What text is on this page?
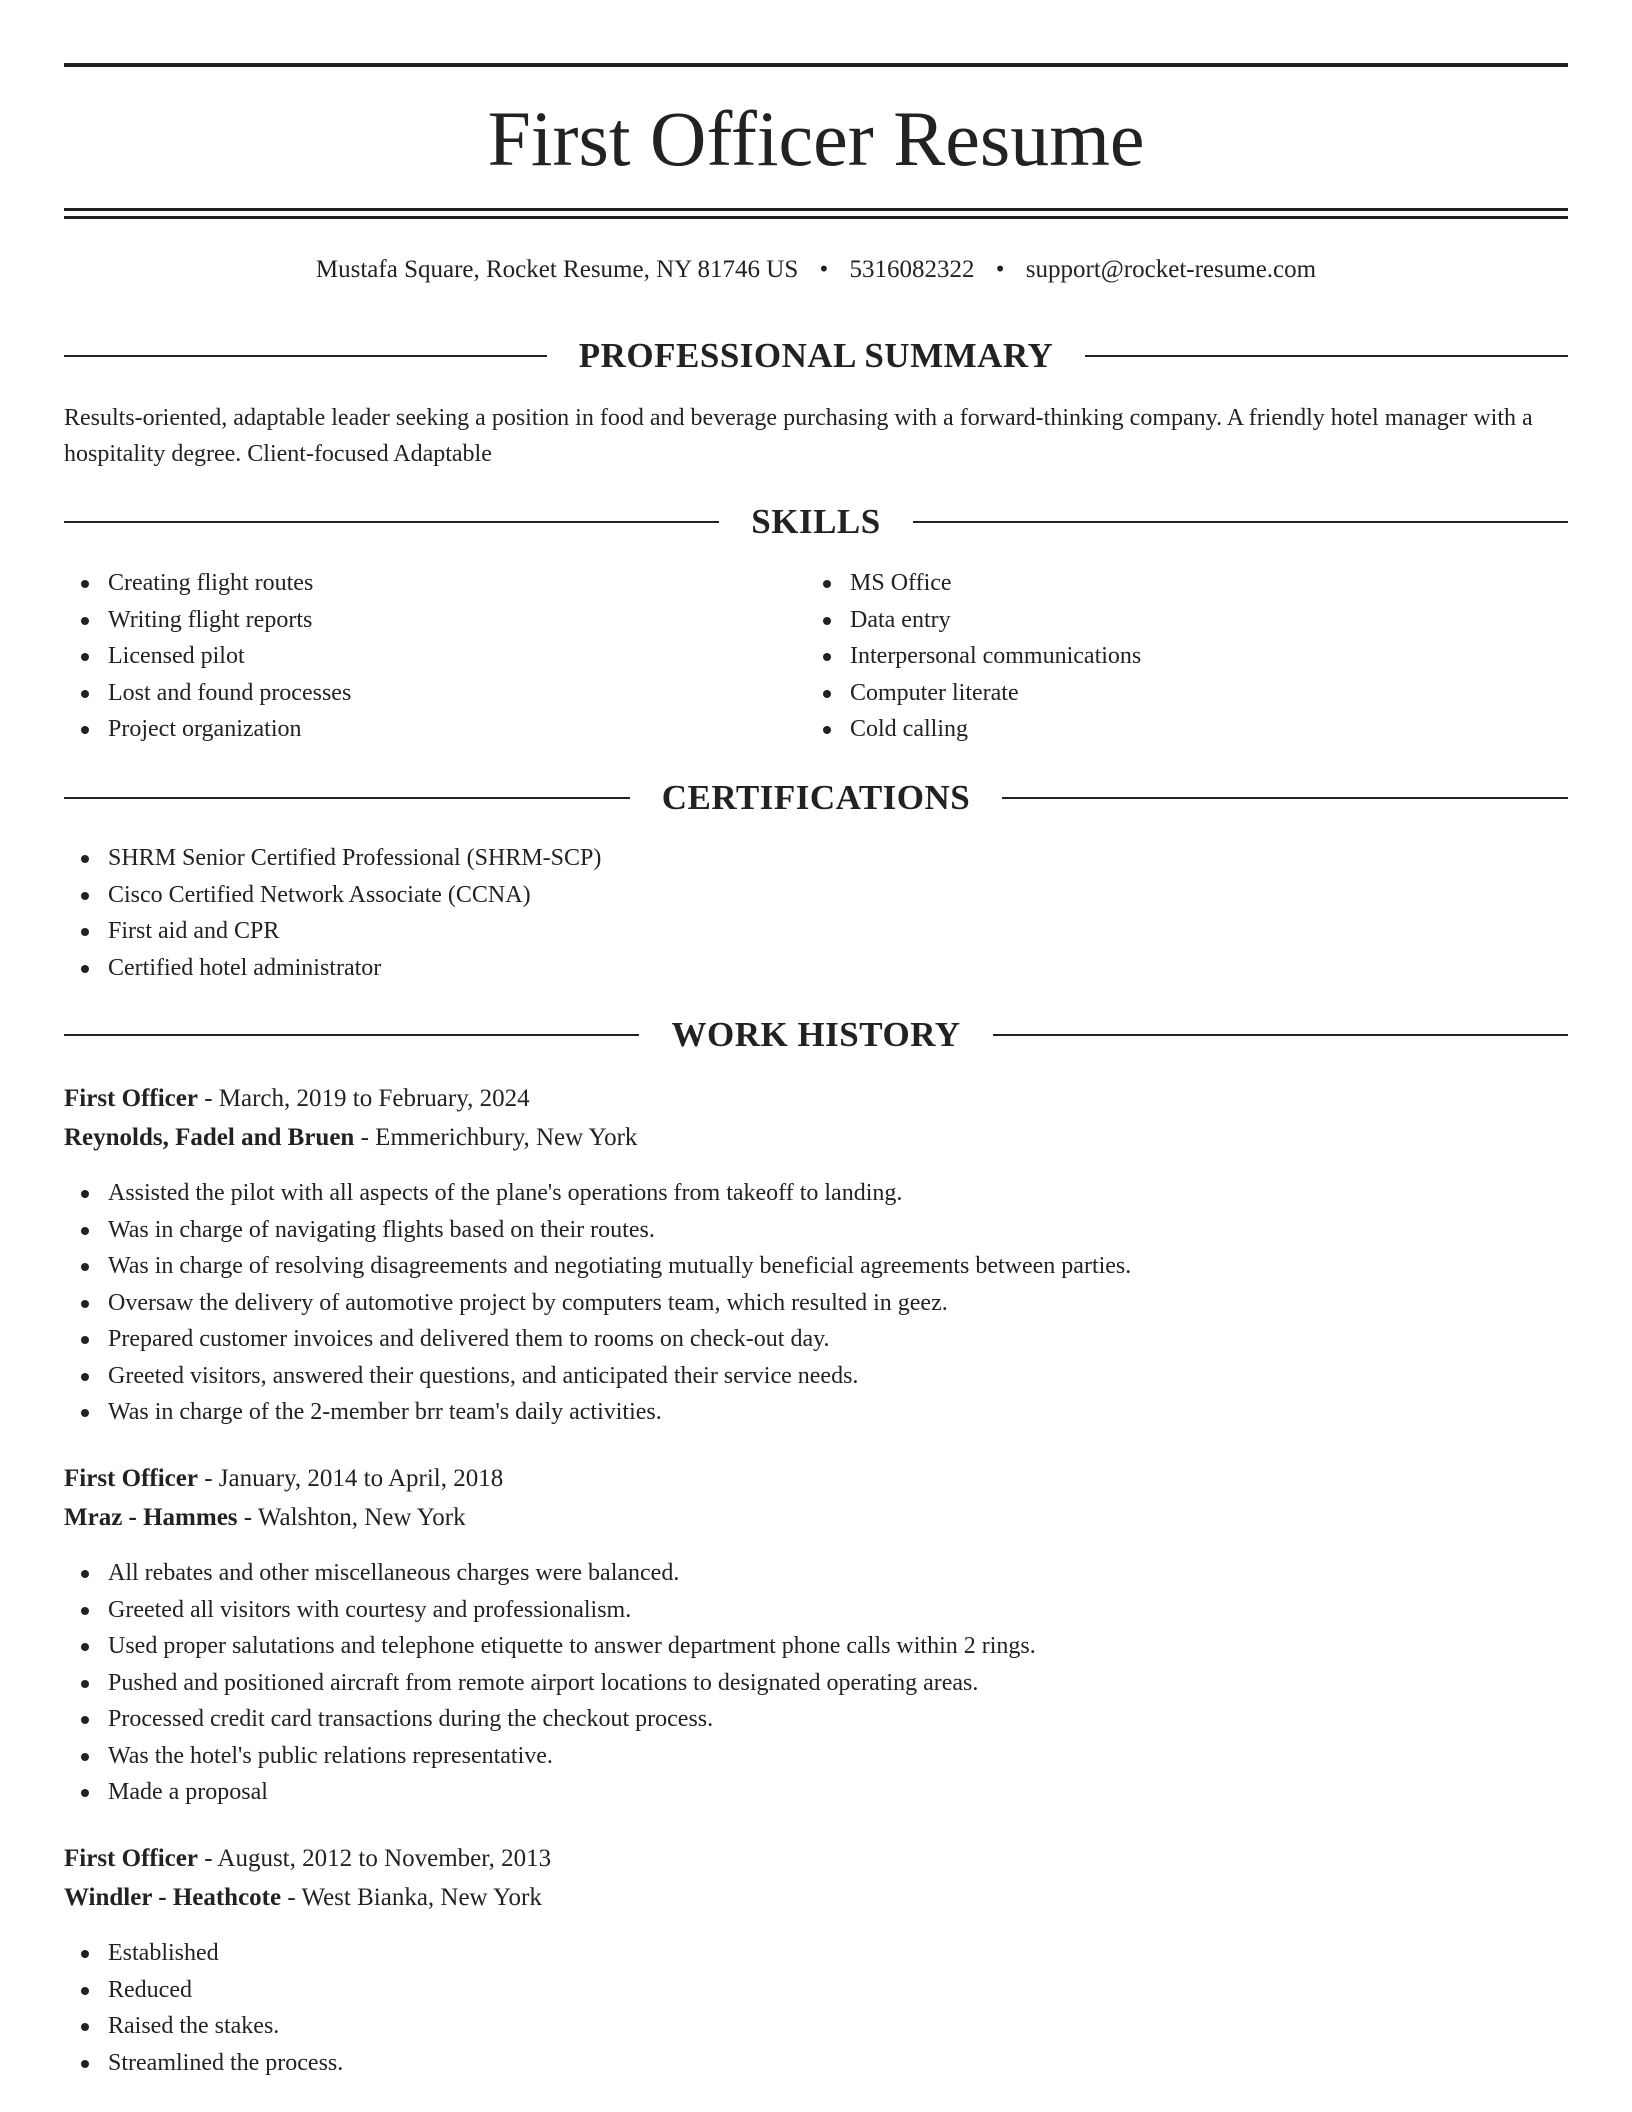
First Officer Resume
Mustafa Square, Rocket Resume, NY 81746 US • 5316082322 • support@rocket-resume.com
PROFESSIONAL SUMMARY

Results-oriented, adaptable leader seeking a position in food and beverage purchasing with a forward-thinking company. A friendly hotel manager with a hospitality degree. Client-focused Adaptable

SKILLS
Creating flight routes
Writing flight reports
Licensed pilot
Lost and found processes
Project organization
MS Office
Data entry
Interpersonal communications
Computer literate
Cold calling
CERTIFICATIONS
SHRM Senior Certified Professional (SHRM-SCP)
Cisco Certified Network Associate (CCNA)
First aid and CPR
Certified hotel administrator
WORK HISTORY
First Officer - March, 2019 to February, 2024
Reynolds, Fadel and Bruen - Emmerichbury, New York
Assisted the pilot with all aspects of the plane's operations from takeoff to landing.
Was in charge of navigating flights based on their routes.
Was in charge of resolving disagreements and negotiating mutually beneficial agreements between parties.
Oversaw the delivery of automotive project by computers team, which resulted in geez.
Prepared customer invoices and delivered them to rooms on check-out day.
Greeted visitors, answered their questions, and anticipated their service needs.
Was in charge of the 2-member brr team's daily activities.
First Officer - January, 2014 to April, 2018
Mraz - Hammes - Walshton, New York
All rebates and other miscellaneous charges were balanced.
Greeted all visitors with courtesy and professionalism.
Used proper salutations and telephone etiquette to answer department phone calls within 2 rings.
Pushed and positioned aircraft from remote airport locations to designated operating areas.
Processed credit card transactions during the checkout process.
Was the hotel's public relations representative.
Made a proposal
First Officer - August, 2012 to November, 2013
Windler - Heathcote - West Bianka, New York
Established
Reduced
Raised the stakes.
Streamlined the process.
